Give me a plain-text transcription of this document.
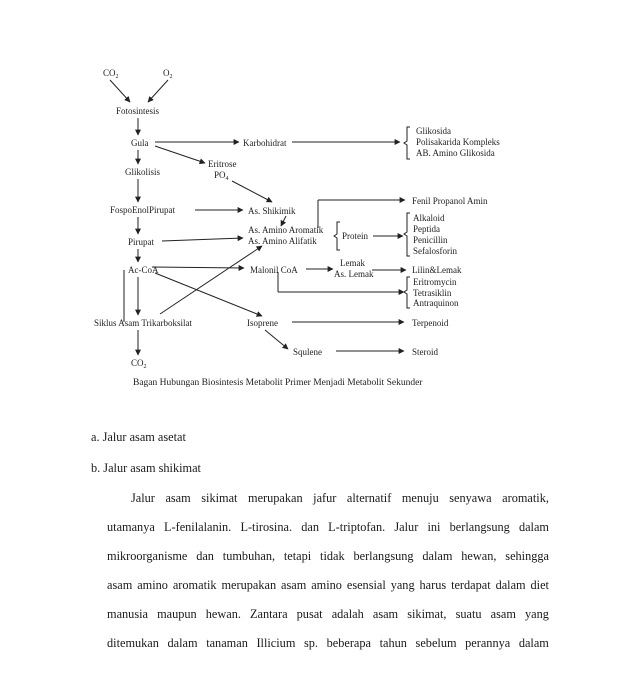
$CO_2$	$O_2$
Fotosintesis
Gula
Glikolisis
FospoEnolPirupat
Pirupat
Ac-CoA
Siklus Asam Trikarboksilat
$CO_2$
Karbohidrat
Eritrose
$PO_4$
As. Shikimik
As. Amino Aromatik
As. Amino Alifatik	Protein
Malonil CoA
Lemak
As. Lemak
Isoprene
Squlene
Fenil Propanol Amin
Lilin&Lemak
Terpenoid
Steroid
Glikosida
Polisakarida Kompleks
AB. Amino Glikosida
Alkaloid
Peptida
Penicillin
Sefalosforin
Eritromycin
Tetrasiklin
Antraquinon
Bagan Hubungan Biosintesis Metabolit Primer Menjadi Metabolit Sekunder
a. Jalur asam asetat
b. Jalur asam shikimat
Jalur asam sikimat merupakan jafur alternatif menuju senyawa aromatik,
utamanya L-fenilalanin. L-tirosina. dan L-triptofan. Jalur ini berlangsung dalam
mikroorganisme dan tumbuhan, tetapi tidak berlangsung dalam hewan, sehingga
asam amino aromatik merupakan asam amino esensial yang harus terdapat dalam diet
manusia maupun hewan. Zantara pusat adalah asam sikimat, suatu asam yang
ditemukan dalam tanaman Illicium sp. beberapa tahun sebelum perannya dalam
